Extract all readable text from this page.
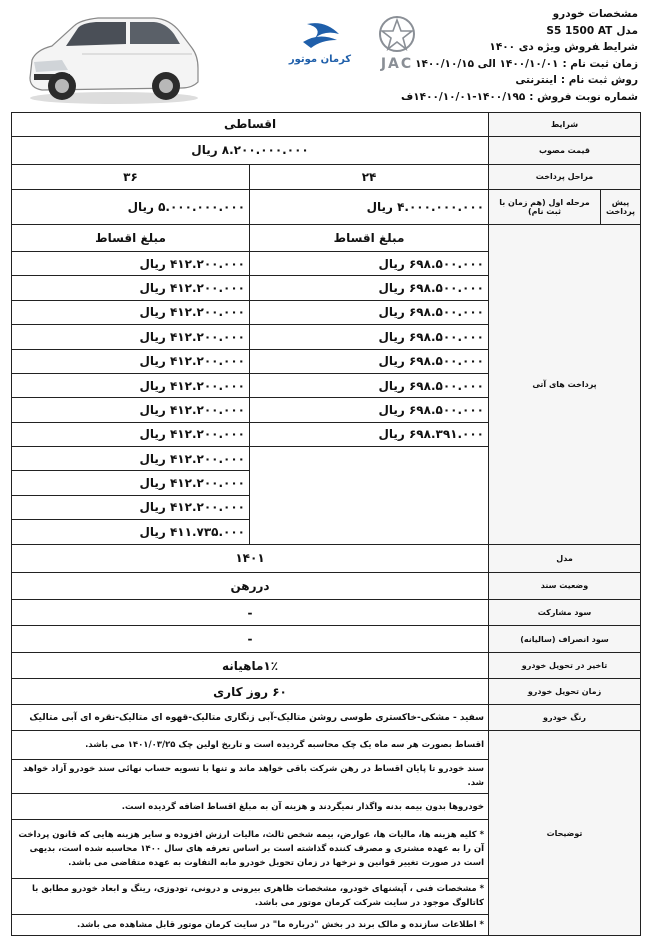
کرمان موتور JAC
مشخصات خودرو
مدلS5 1500 AT
شرایطفروش ویژه دی ۱۴۰۰
زمان ثبت نام :۱۴۰۰/۱۰/۰۱ الی ۱۴۰۰/۱۰/۱۵
روش ثبت نام :اینترنتی
شماره نوبت فروش :۱۴۰۰/۱۹۵-۱۴۰۰/۱۰/۰۱ف
شرایط		اقساطی	
قیمت مصوب		۸.۲۰۰.۰۰۰.۰۰۰ ریال	
مراحل پرداخت		۲۴	۳۶
پیش پرداخت	مرحله اول (هم زمان با ثبت نام)	۴.۰۰۰.۰۰۰.۰۰۰ ریال	۵.۰۰۰.۰۰۰.۰۰۰ ریال
پرداخت های آتی		مبلغ اقساط	مبلغ اقساط
		۶۹۸.۵۰۰.۰۰۰ ریال	۴۱۲.۲۰۰.۰۰۰ ریال
		۶۹۸.۵۰۰.۰۰۰ ریال	۴۱۲.۲۰۰.۰۰۰ ریال
		۶۹۸.۵۰۰.۰۰۰ ریال	۴۱۲.۲۰۰.۰۰۰ ریال
		۶۹۸.۵۰۰.۰۰۰ ریال	۴۱۲.۲۰۰.۰۰۰ ریال
		۶۹۸.۵۰۰.۰۰۰ ریال	۴۱۲.۲۰۰.۰۰۰ ریال
		۶۹۸.۵۰۰.۰۰۰ ریال	۴۱۲.۲۰۰.۰۰۰ ریال
		۶۹۸.۵۰۰.۰۰۰ ریال	۴۱۲.۲۰۰.۰۰۰ ریال
		۶۹۸.۳۹۱.۰۰۰ ریال	۴۱۲.۲۰۰.۰۰۰ ریال
			۴۱۲.۲۰۰.۰۰۰ ریال
			۴۱۲.۲۰۰.۰۰۰ ریال
			۴۱۲.۲۰۰.۰۰۰ ریال
			۴۱۱.۷۳۵.۰۰۰ ریال
مدل		۱۴۰۱	
وضعیت سند		دررهن	
سود مشارکت		-	
سود انصراف (سالیانه)		-	
تاخیر در تحویل خودرو		۱٪ماهیانه	
زمان تحویل خودرو		۶۰ روز کاری	
رنگ خودرو		سفید - مشکی-خاکستری طوسی روشن متالیک-آبی زنگاری متالیک-قهوه ای متالیک-نقره ای آبی متالیک	
توضیحات		اقساط بصورت هر سه ماه یک چک محاسبه گردیده است و تاریخ اولین چک ۱۴۰۱/۰۳/۲۵ می باشد.	
		سند خودرو تا پایان اقساط در رهن شرکت باقی خواهد ماند و تنها با تسویه حساب نهائی سند خودرو آزاد خواهد شد.	
		خودروها بدون بیمه بدنه واگذار نمیگردند و هزینه آن به مبلغ اقساط اضافه گردیده است.	
		* کلیه هزینه ها، مالیات ها، عوارض، بیمه شخص ثالث، مالیات ارزش افزوده و سایر هزینه هایی که قانون پرداخت آن را به عهده مشتری و مصرف کننده گذاشته است بر اساس تعرفه های سال ۱۴۰۰ محاسبه شده است، بدیهی است در صورت تغییر قوانین و نرخها در زمان تحویل خودرو مابه التفاوت به عهده متقاضی می باشد.	
		* مشخصات فنی ، آپشنهای خودرو، مشخصات ظاهری بیرونی و درونی، تودوزی، رینگ و ابعاد خودرو مطابق با کاتالوگ موجود در سایت شرکت کرمان موتور می باشد.	
		* اطلاعات سازنده و مالک برند در بخش "درباره ما" در سایت کرمان موتور قابل مشاهده می باشد.	
